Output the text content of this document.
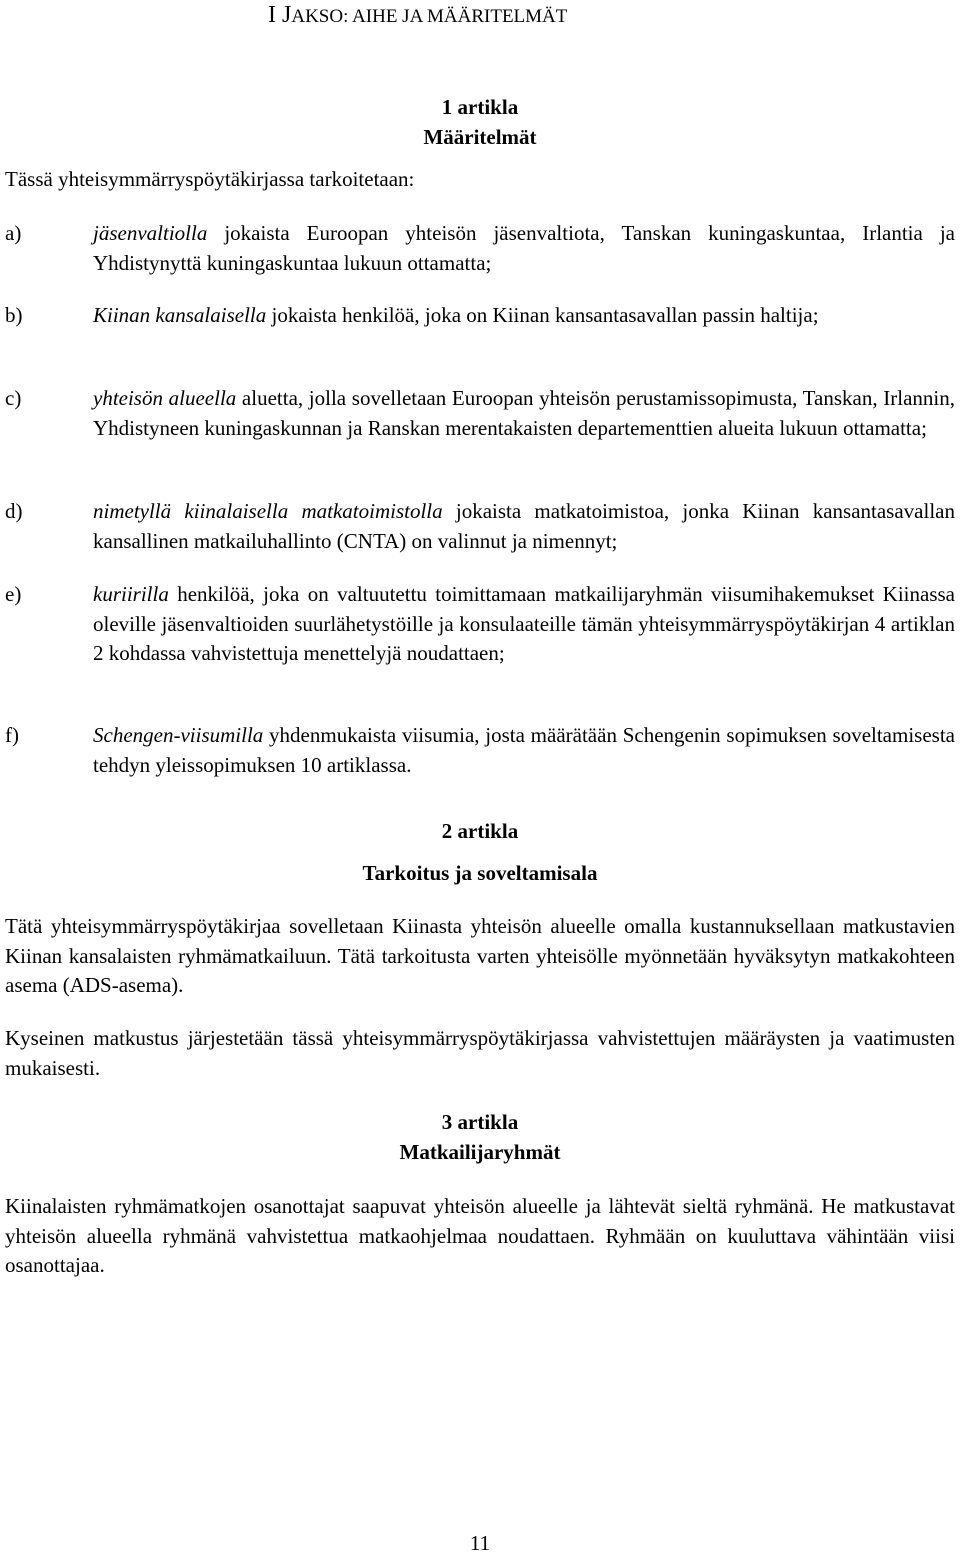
I JAKSO: AIHE JA MÄÄRITELMÄT
1 artikla
Määritelmät
Tässä yhteisymmärryspöytäkirjassa tarkoitetaan:
a)	jäsenvaltiolla jokaista Euroopan yhteisön jäsenvaltiota, Tanskan kuningaskuntaa, Irlantia ja Yhdistynyttä kuningaskuntaa lukuun ottamatta;
b)	Kiinan kansalaisella jokaista henkilöä, joka on Kiinan kansantasavallan passin haltija;
c)	yhteisön alueella aluetta, jolla sovelletaan Euroopan yhteisön perustamissopimusta, Tanskan, Irlannin, Yhdistyneen kuningaskunnan ja Ranskan merentakaisten departementtien alueita lukuun ottamatta;
d)	nimetyllä kiinalaisella matkatoimistolla jokaista matkatoimistoa, jonka Kiinan kansantasavallan kansallinen matkailuhallinto (CNTA) on valinnut ja nimennyt;
e)	kuriirilla henkilöä, joka on valtuutettu toimittamaan matkailijaryhmän viisumihakemukset Kiinassa oleville jäsenvaltioiden suurlähetystöille ja konsulaateille tämän yhteisymmärryspöytäkirjan 4 artiklan 2 kohdassa vahvistettuja menettelyjä noudattaen;
f)	Schengen-viisumilla yhdenmukaista viisumia, josta määrätään Schengenin sopimuksen soveltamisesta tehdyn yleissopimuksen 10 artiklassa.
2 artikla
Tarkoitus ja soveltamisala
Tätä yhteisymmärryspöytäkirjaa sovelletaan Kiinasta yhteisön alueelle omalla kustannuksellaan matkustavien Kiinan kansalaisten ryhmämatkailuun. Tätä tarkoitusta varten yhteisölle myönnetään hyväksytyn matkakohteen asema (ADS-asema).
Kyseinen matkustus järjestetään tässä yhteisymmärryspöytäkirjassa vahvistettujen määräysten ja vaatimusten mukaisesti.
3 artikla
Matkailijaryhmät
Kiinalaisten ryhmämatkojen osanottajat saapuvat yhteisön alueelle ja lähtevät sieltä ryhmänä. He matkustavat yhteisön alueella ryhmänä vahvistettua matkaohjelmaa noudattaen. Ryhmään on kuuluttava vähintään viisi osanottajaa.
11
